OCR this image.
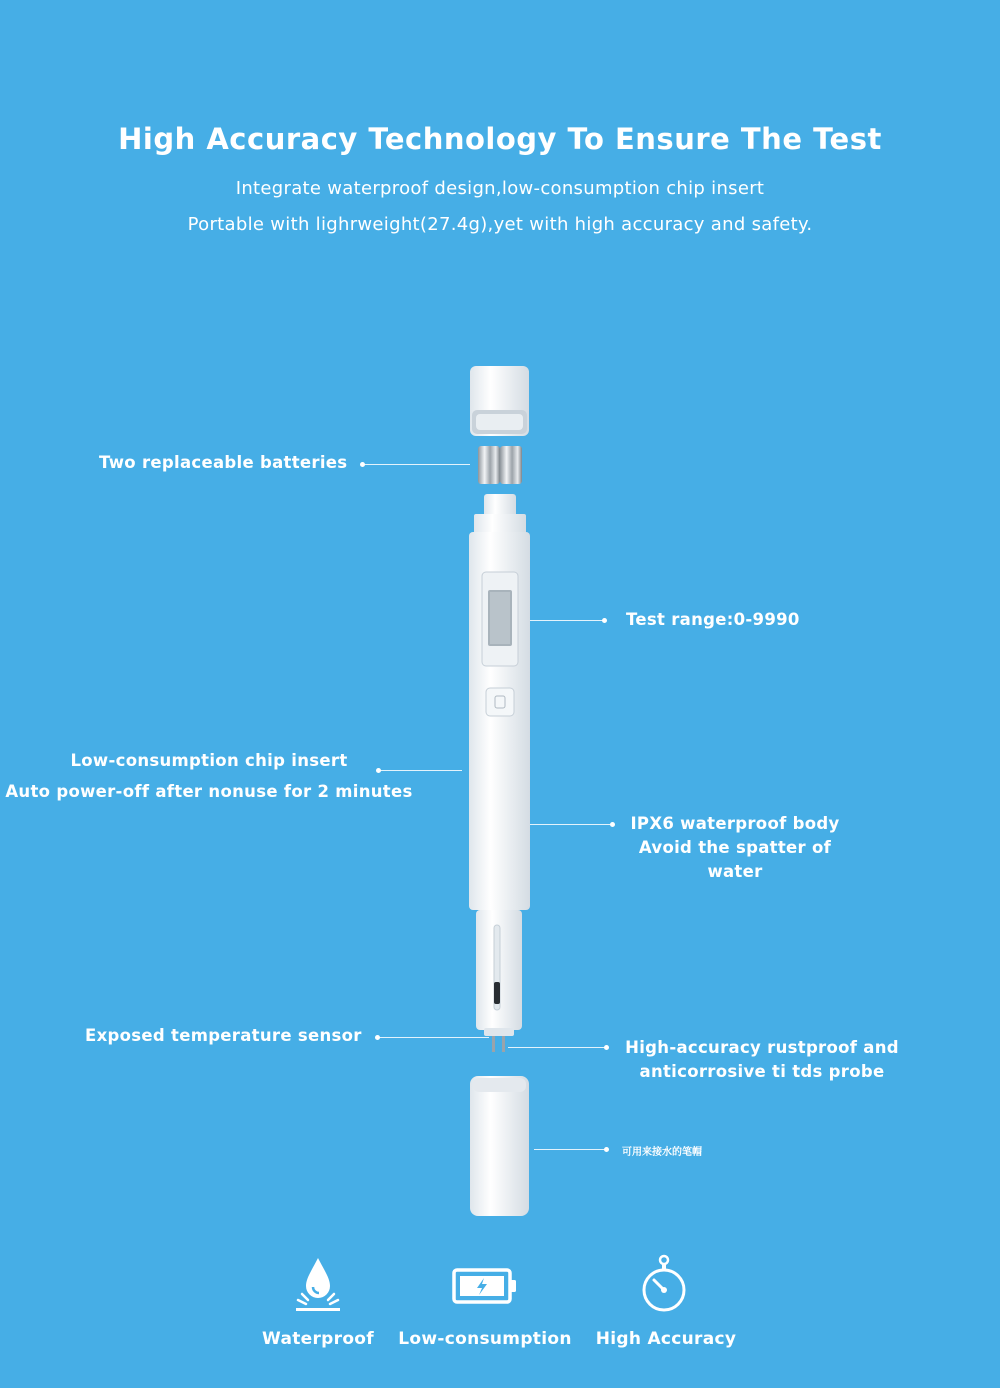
High Accuracy Technology To Ensure The Test
Integrate waterproof design,low-consumption chip insert
Portable with lighrweight(27.4g),yet with high accuracy and safety.
Two replaceable batteries
Test range:0-9990
Low-consumption chip insert
Auto power-off after nonuse for 2 minutes
IPX6 waterproof body
Avoid the spatter of water
Exposed temperature sensor
High-accuracy rustproof and
anticorrosive ti tds probe
可用来接水的笔帽
Waterproof	Low-consumption	High Accuracy
